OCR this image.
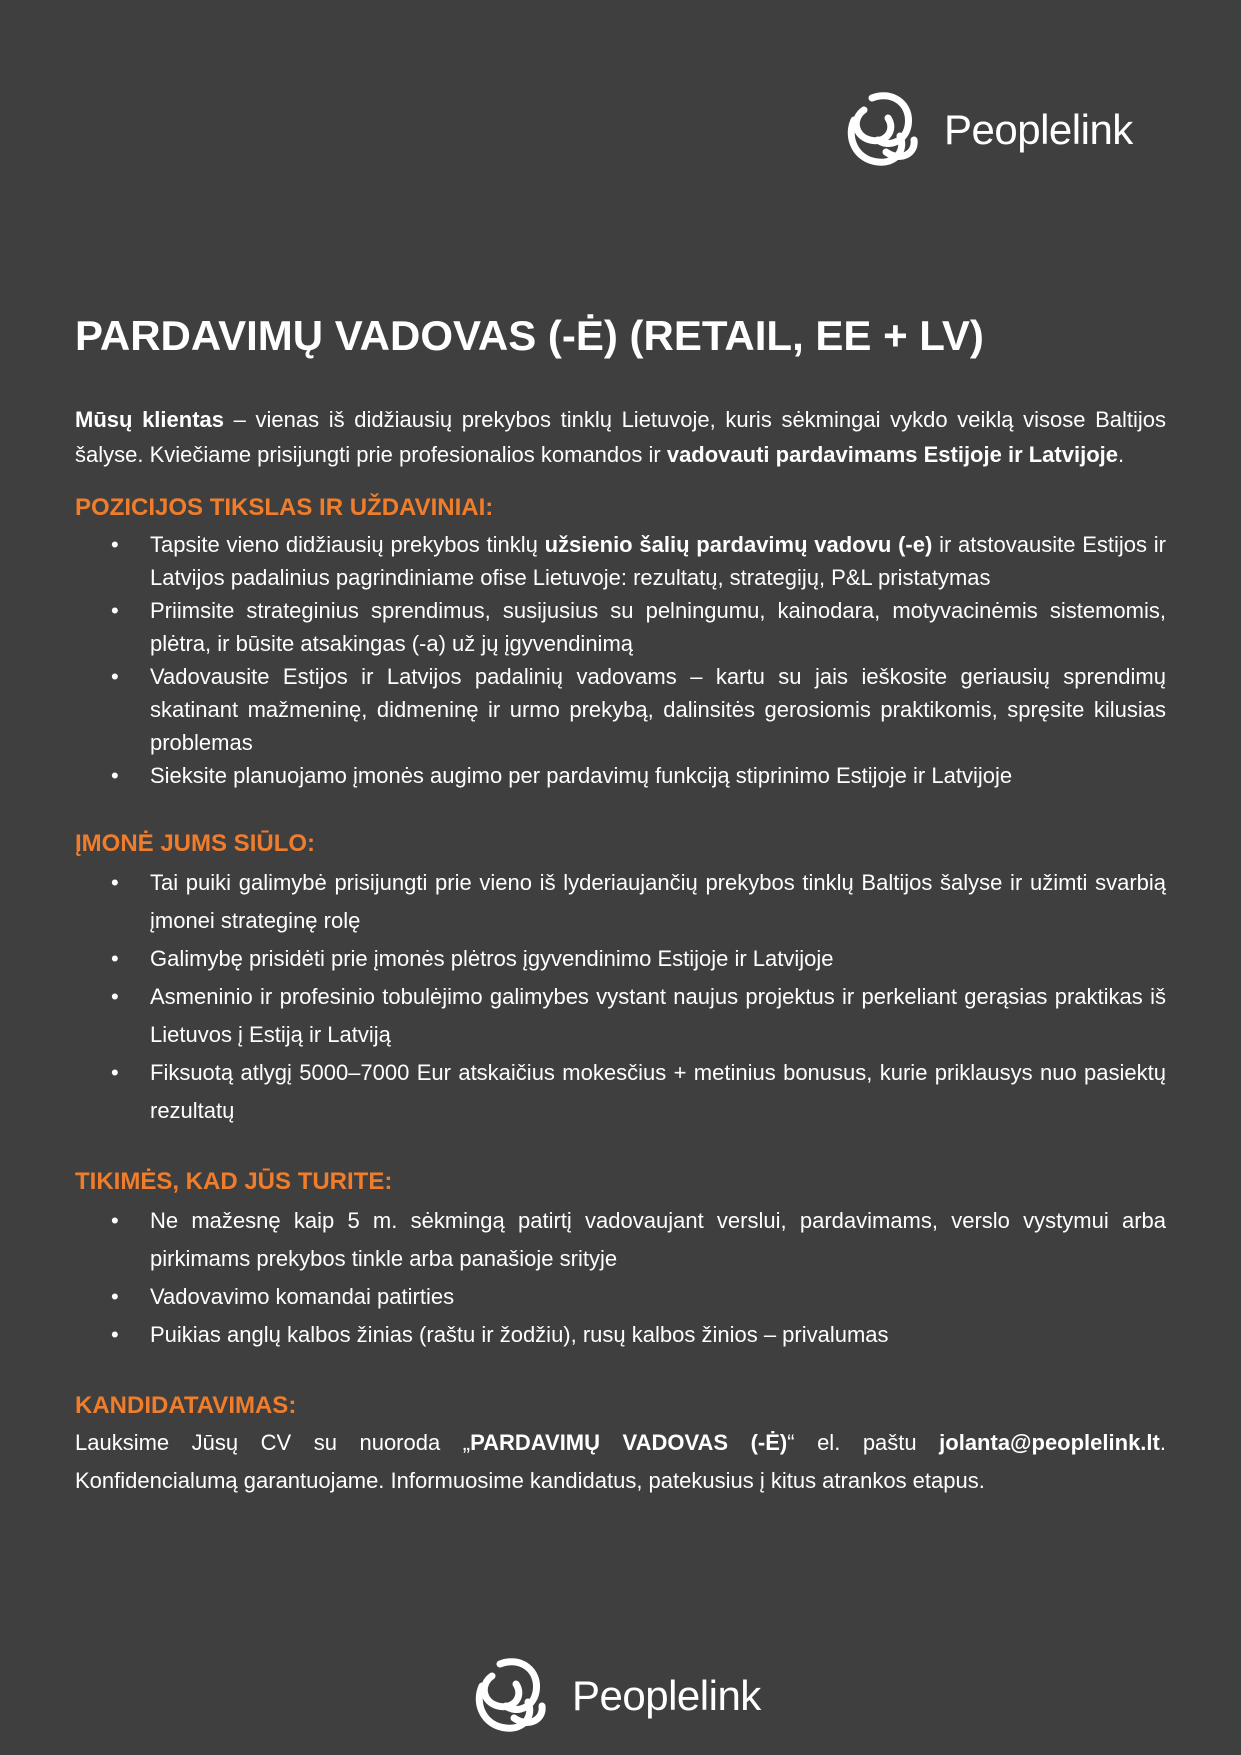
Peoplelink
PARDAVIMŲ VADOVAS (-Ė) (RETAIL, EE + LV)

Mūsų klientas – vienas iš didžiausių prekybos tinklų Lietuvoje, kuris sėkmingai vykdo veiklą visose Baltijos šalyse. Kviečiame prisijungti prie profesionalios komandos ir vadovauti pardavimams Estijoje ir Latvijoje.

POZICIJOS TIKSLAS IR UŽDAVINIAI:
• Tapsite vieno didžiausių prekybos tinklų užsienio šalių pardavimų vadovu (-e) ir atstovausite Estijos ir Latvijos padalinius pagrindiniame ofise Lietuvoje: rezultatų, strategijų, P&L pristatymas
• Priimsite strateginius sprendimus, susijusius su pelningumu, kainodara, motyvacinėmis sistemomis, plėtra, ir būsite atsakingas (-a) už jų įgyvendinimą
• Vadovausite Estijos ir Latvijos padalinių vadovams – kartu su jais ieškosite geriausių sprendimų skatinant mažmeninę, didmeninę ir urmo prekybą, dalinsitės gerosiomis praktikomis, spręsite kilusias problemas
• Sieksite planuojamo įmonės augimo per pardavimų funkciją stiprinimo Estijoje ir Latvijoje
ĮMONĖ JUMS SIŪLO:
• Tai puiki galimybė prisijungti prie vieno iš lyderiaujančių prekybos tinklų Baltijos šalyse ir užimti svarbią įmonei strateginę rolę
• Galimybę prisidėti prie įmonės plėtros įgyvendinimo Estijoje ir Latvijoje
• Asmeninio ir profesinio tobulėjimo galimybes vystant naujus projektus ir perkeliant gerąsias praktikas iš Lietuvos į Estiją ir Latviją
• Fiksuotą atlygį 5000–7000 Eur atskaičius mokesčius + metinius bonusus, kurie priklausys nuo pasiektų rezultatų
TIKIMĖS, KAD JŪS TURITE:
• Ne mažesnę kaip 5 m. sėkmingą patirtį vadovaujant verslui, pardavimams, verslo vystymui arba pirkimams prekybos tinkle arba panašioje srityje
• Vadovavimo komandai patirties
• Puikias anglų kalbos žinias (raštu ir žodžiu), rusų kalbos žinios – privalumas
KANDIDATAVIMAS:

Lauksime Jūsų CV su nuoroda „PARDAVIMŲ VADOVAS (-Ė)“ el. paštu jolanta@peoplelink.lt. Konfidencialumą garantuojame. Informuosime kandidatus, patekusius į kitus atrankos etapus.

Peoplelink
